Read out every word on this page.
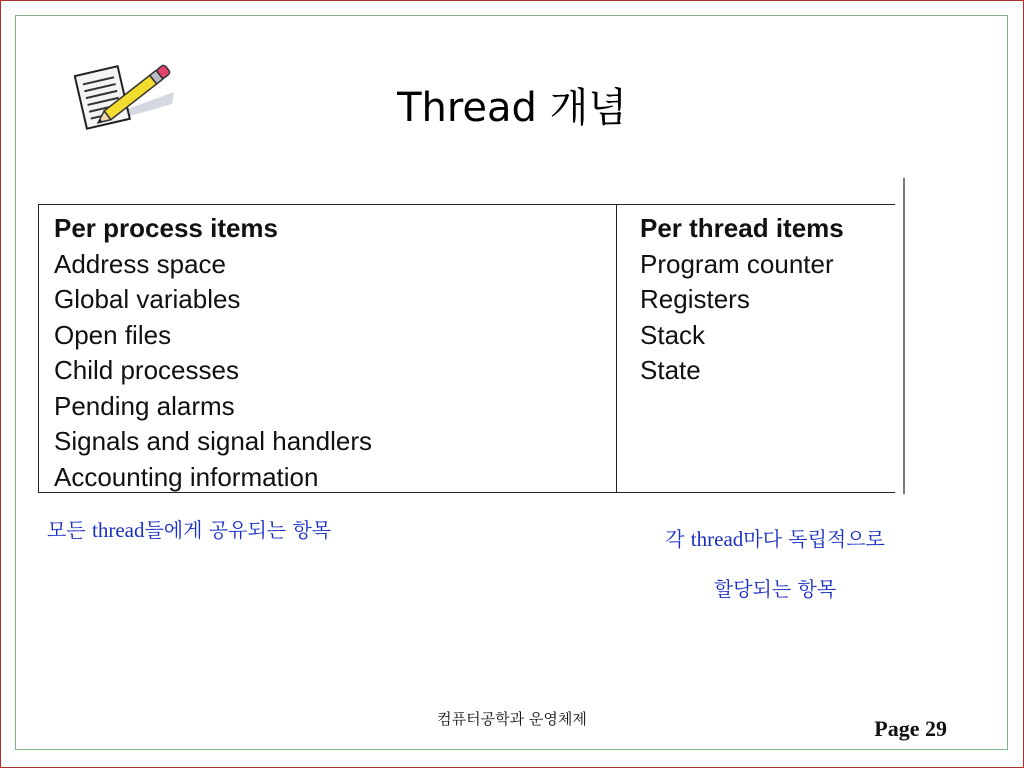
Thread 개념
Per process items
Address space
Global variables
Open files
Child processes
Pending alarms
Signals and signal handlers
Accounting information
Per thread items
Program counter
Registers
Stack
State
모든 thread들에게 공유되는 항목	각 thread마다 독립적으로
할당되는 항목
컴퓨터공학과 운영체제	Page 29
